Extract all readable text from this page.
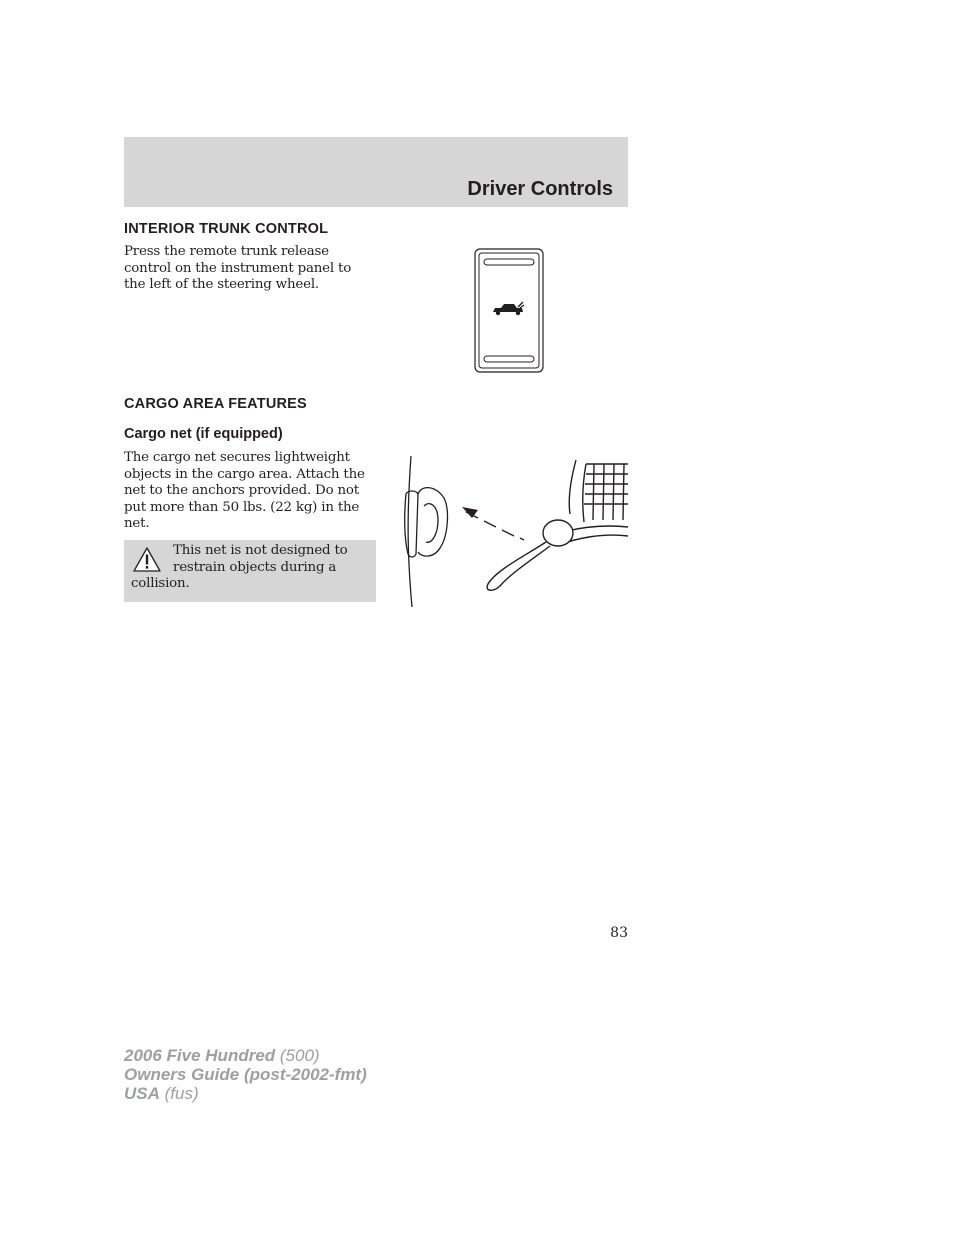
Driver Controls
INTERIOR TRUNK CONTROL
Press the remote trunk release control on the instrument panel to the left of the steering wheel.
CARGO AREA FEATURES
Cargo net (if equipped)
The cargo net secures lightweight objects in the cargo area. Attach the net to the anchors provided. Do not put more than 50 lbs. (22 kg) in the net.
This net is not designed to restrain objects during a collision.
83
2006 Five Hundred (500)
Owners Guide (post-2002-fmt)
USA (fus)
